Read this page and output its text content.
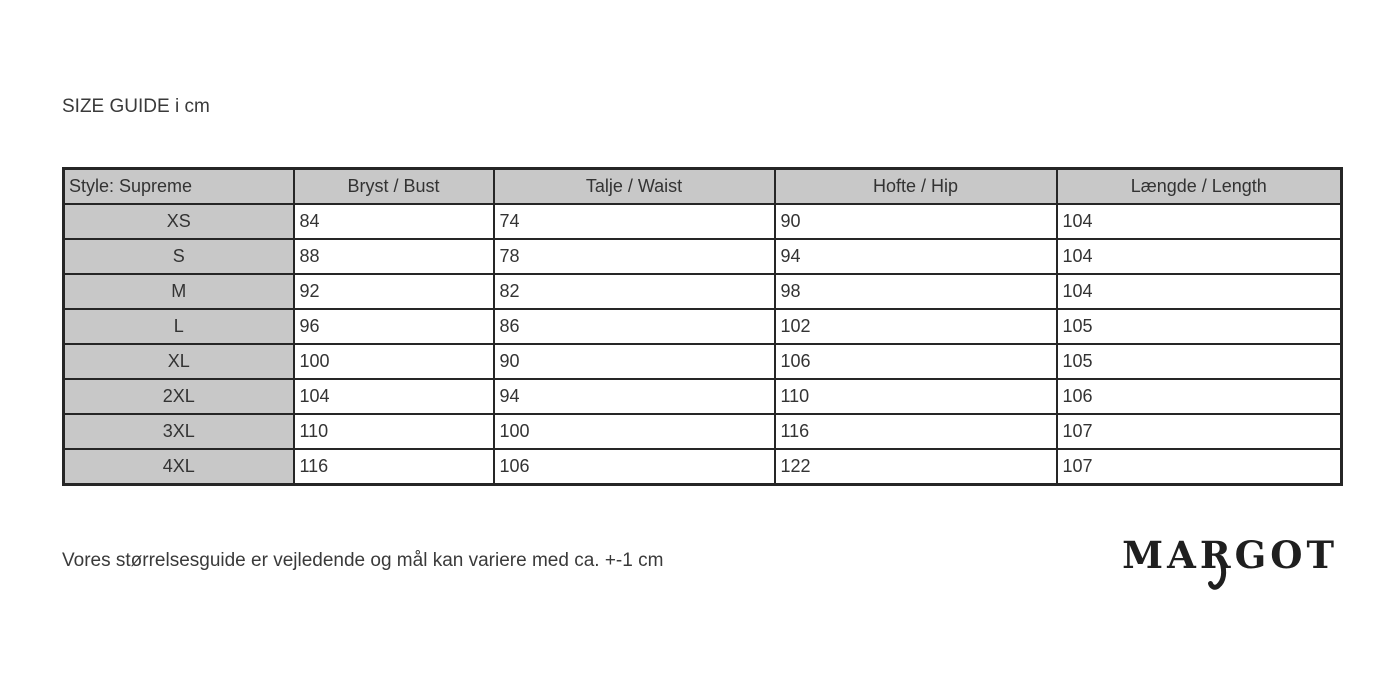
SIZE GUIDE i cm
Style: Supreme	Bryst / Bust	Talje / Waist	Hofte / Hip	Længde / Length
XS	84	74	90	104
S	88	78	94	104
M	92	82	98	104
L	96	86	102	105
XL	100	90	106	105
2XL	104	94	110	106
3XL	110	100	116	107
4XL	116	106	122	107
Vores størrelsesguide er vejledende og mål kan variere med ca. +-1 cm	MAR
GOT
